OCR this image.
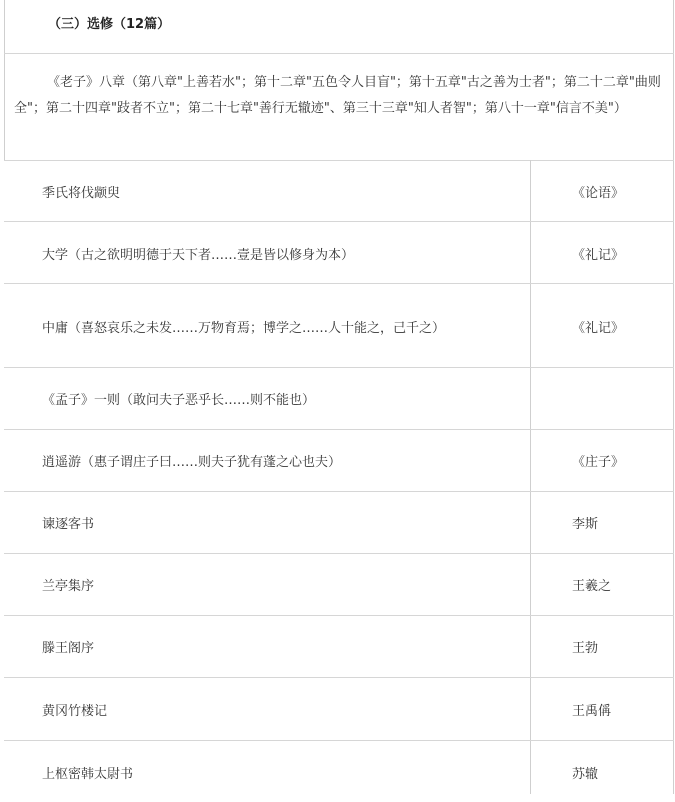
（三）选修（12篇）
《老子》八章（第八章"上善若水"；第十二章"五色令人目盲"；第十五章"古之善为士者"；第二十二章"曲则全"；第二十四章"跂者不立"；第二十七章"善行无辙迹"、第三十三章"知人者智"；第八十一章"信言不美"）
季氏将伐颛臾	《论语》
大学（古之欲明明德于天下者……壹是皆以修身为本）	《礼记》
中庸（喜怒哀乐之未发……万物育焉；博学之……人十能之，己千之）	《礼记》
《孟子》一则（敢问夫子恶乎长……则不能也）
逍遥游（惠子谓庄子曰……则夫子犹有蓬之心也夫）	《庄子》
谏逐客书	李斯
兰亭集序	王羲之
滕王阁序	王勃
黄冈竹楼记	王禹偁
上枢密韩太尉书	苏辙
